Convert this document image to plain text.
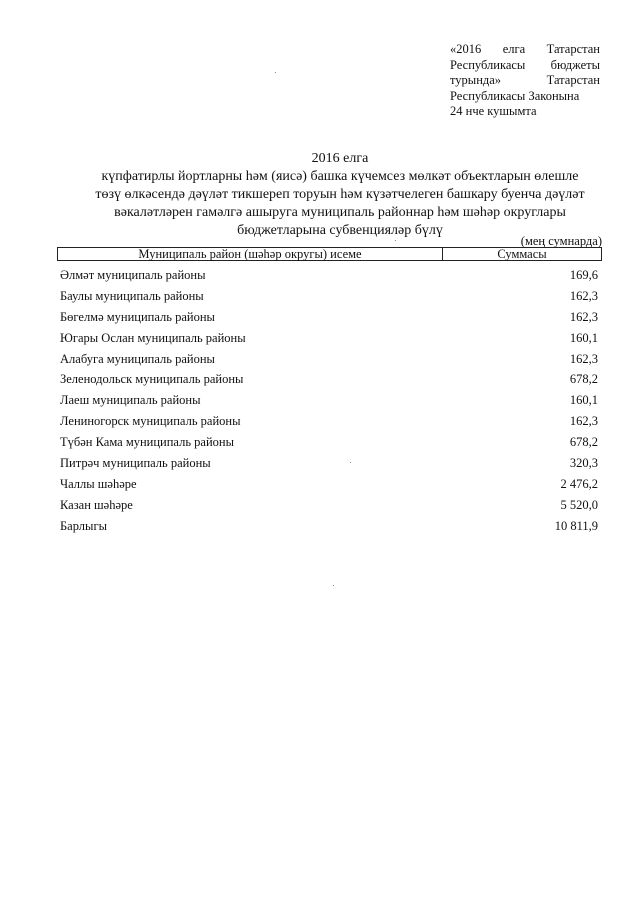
«2016 елга Татарстан
Республикасы бюджеты
турында» Татарстан
Республикасы Законына
24 нче кушымта
2016 елга
күпфатирлы йортларны һәм (яисә) башка күчемсез мөлкәт объектларын өлешле
төзү өлкәсендә дәүләт тикшереп торуын һәм күзәтчелеген башкару буенча дәүләт
вәкаләтләрен гамәлгә ашыруга муниципаль районнар һәм шәһәр округлары
бюджетларына субвенцияләр бүлү
(мең сумнарда)
Муниципаль район (шәһәр округы) исеме	Суммасы
Әлмәт муниципаль районы	169,6
Баулы муниципаль районы	162,3
Бөгелмә муниципаль районы	162,3
Югары Ослан муниципаль районы	160,1
Алабуга муниципаль районы	162,3
Зеленодольск муниципаль районы	678,2
Лаеш муниципаль районы	160,1
Лениногорск муниципаль районы	162,3
Түбән Кама муниципаль районы	678,2
Питрәч муниципаль районы	320,3
Чаллы шәһәре	2 476,2
Казан шәһәре	5 520,0
Барлыгы	10 811,9
